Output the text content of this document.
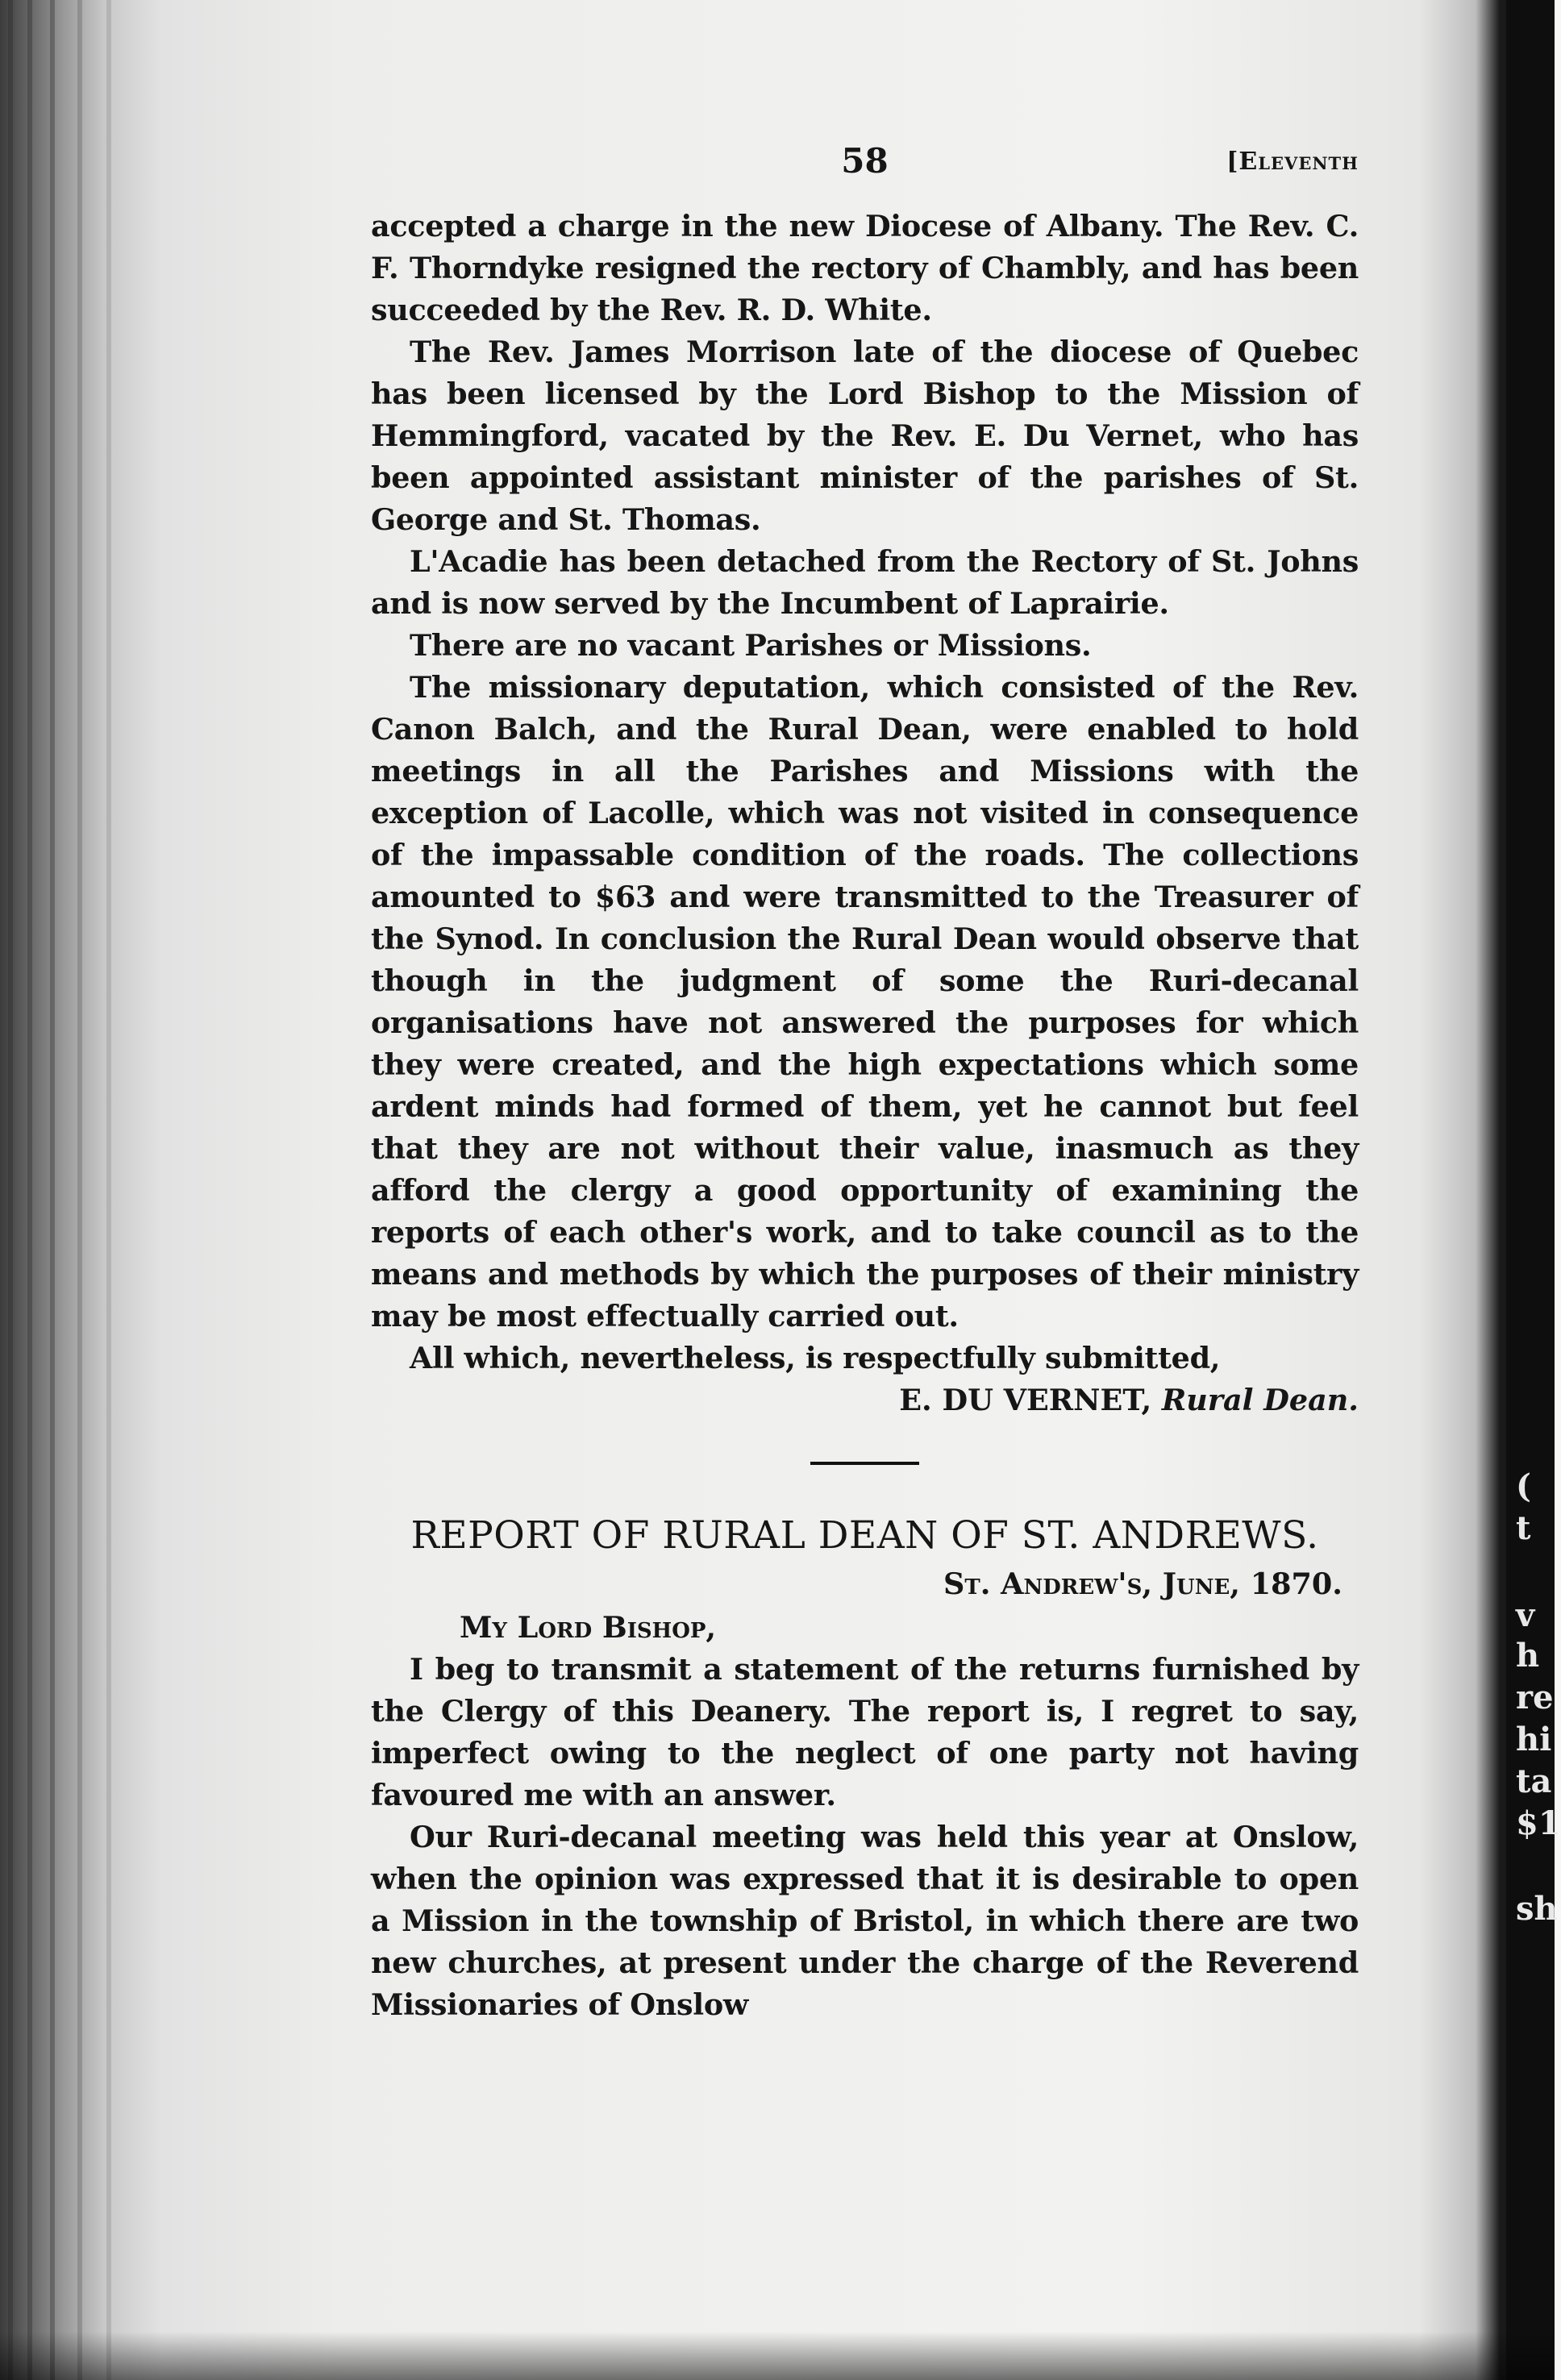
(
t
v
h
re
hi
ta
$1
sh
58	[Eleventh

accepted a charge in the new Diocese of Albany. The Rev. C. F. Thorndyke resigned the rectory of Chambly, and has been succeeded by the Rev. R. D. White.

The Rev. James Morrison late of the diocese of Quebec has been licensed by the Lord Bishop to the Mission of Hemmingford, vacated by the Rev. E. Du Vernet, who has been appointed assistant minister of the parishes of St. George and St. Thomas.

L'Acadie has been detached from the Rectory of St. Johns and is now served by the Incumbent of Laprairie.

There are no vacant Parishes or Missions.

The missionary deputation, which consisted of the Rev. Canon Balch, and the Rural Dean, were enabled to hold meetings in all the Parishes and Missions with the exception of Lacolle, which was not visited in consequence of the impassable condition of the roads. The collections amounted to $63 and were transmitted to the Treasurer of the Synod. In conclusion the Rural Dean would observe that though in the judgment of some the Ruri-decanal organisations have not answered the purposes for which they were created, and the high expectations which some ardent minds had formed of them, yet he cannot but feel that they are not without their value, inasmuch as they afford the clergy a good opportunity of examining the reports of each other's work, and to take council as to the means and methods by which the purposes of their ministry may be most effectually carried out.

All which, nevertheless, is respectfully submitted,

E. DU VERNET, Rural Dean.
REPORT OF RURAL DEAN OF ST. ANDREWS.
St. Andrew's, June, 1870.
My Lord Bishop,

I beg to transmit a statement of the returns furnished by the Clergy of this Deanery. The report is, I regret to say, imperfect owing to the neglect of one party not having favoured me with an answer.

Our Ruri-decanal meeting was held this year at Onslow, when the opinion was expressed that it is desirable to open a Mission in the township of Bristol, in which there are two new churches, at present under the charge of the Reverend Missionaries of Onslow
